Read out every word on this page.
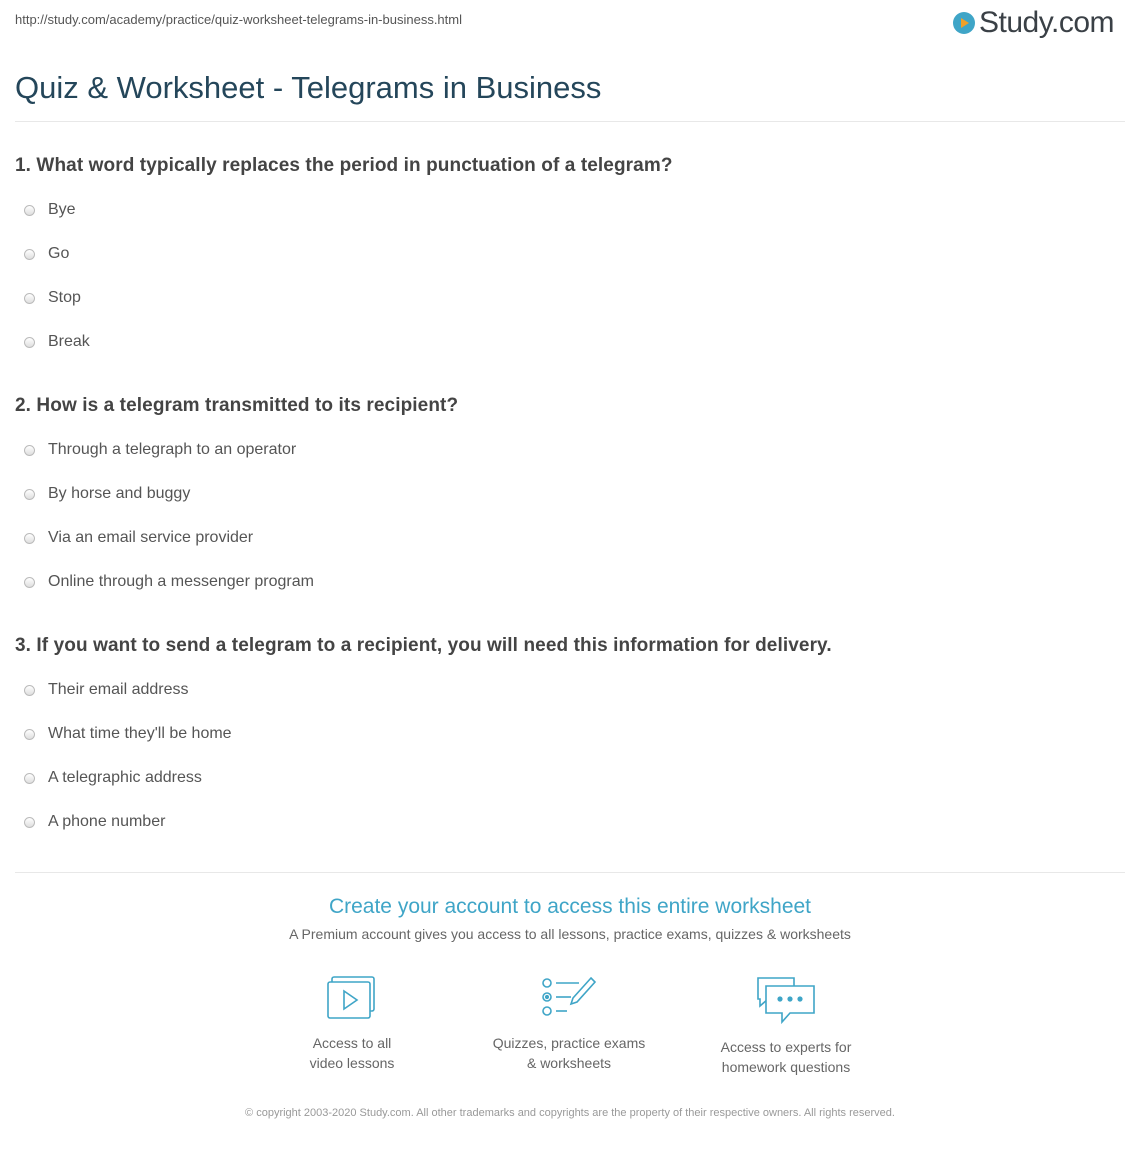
http://study.com/academy/practice/quiz-worksheet-telegrams-in-business.html	Study.com
Quiz & Worksheet - Telegrams in Business
1. What word typically replaces the period in punctuation of a telegram?
Bye
Go
Stop
Break
2. How is a telegram transmitted to its recipient?
Through a telegraph to an operator
By horse and buggy
Via an email service provider
Online through a messenger program
3. If you want to send a telegram to a recipient, you will need this information for delivery.
Their email address
What time they'll be home
A telegraphic address
A phone number
Create your account to access this entire worksheet
A Premium account gives you access to all lessons, practice exams, quizzes & worksheets
Access to all
video lessons
Quizzes, practice exams
& worksheets
Access to experts for
homework questions
© copyright 2003-2020 Study.com. All other trademarks and copyrights are the property of their respective owners. All rights reserved.
